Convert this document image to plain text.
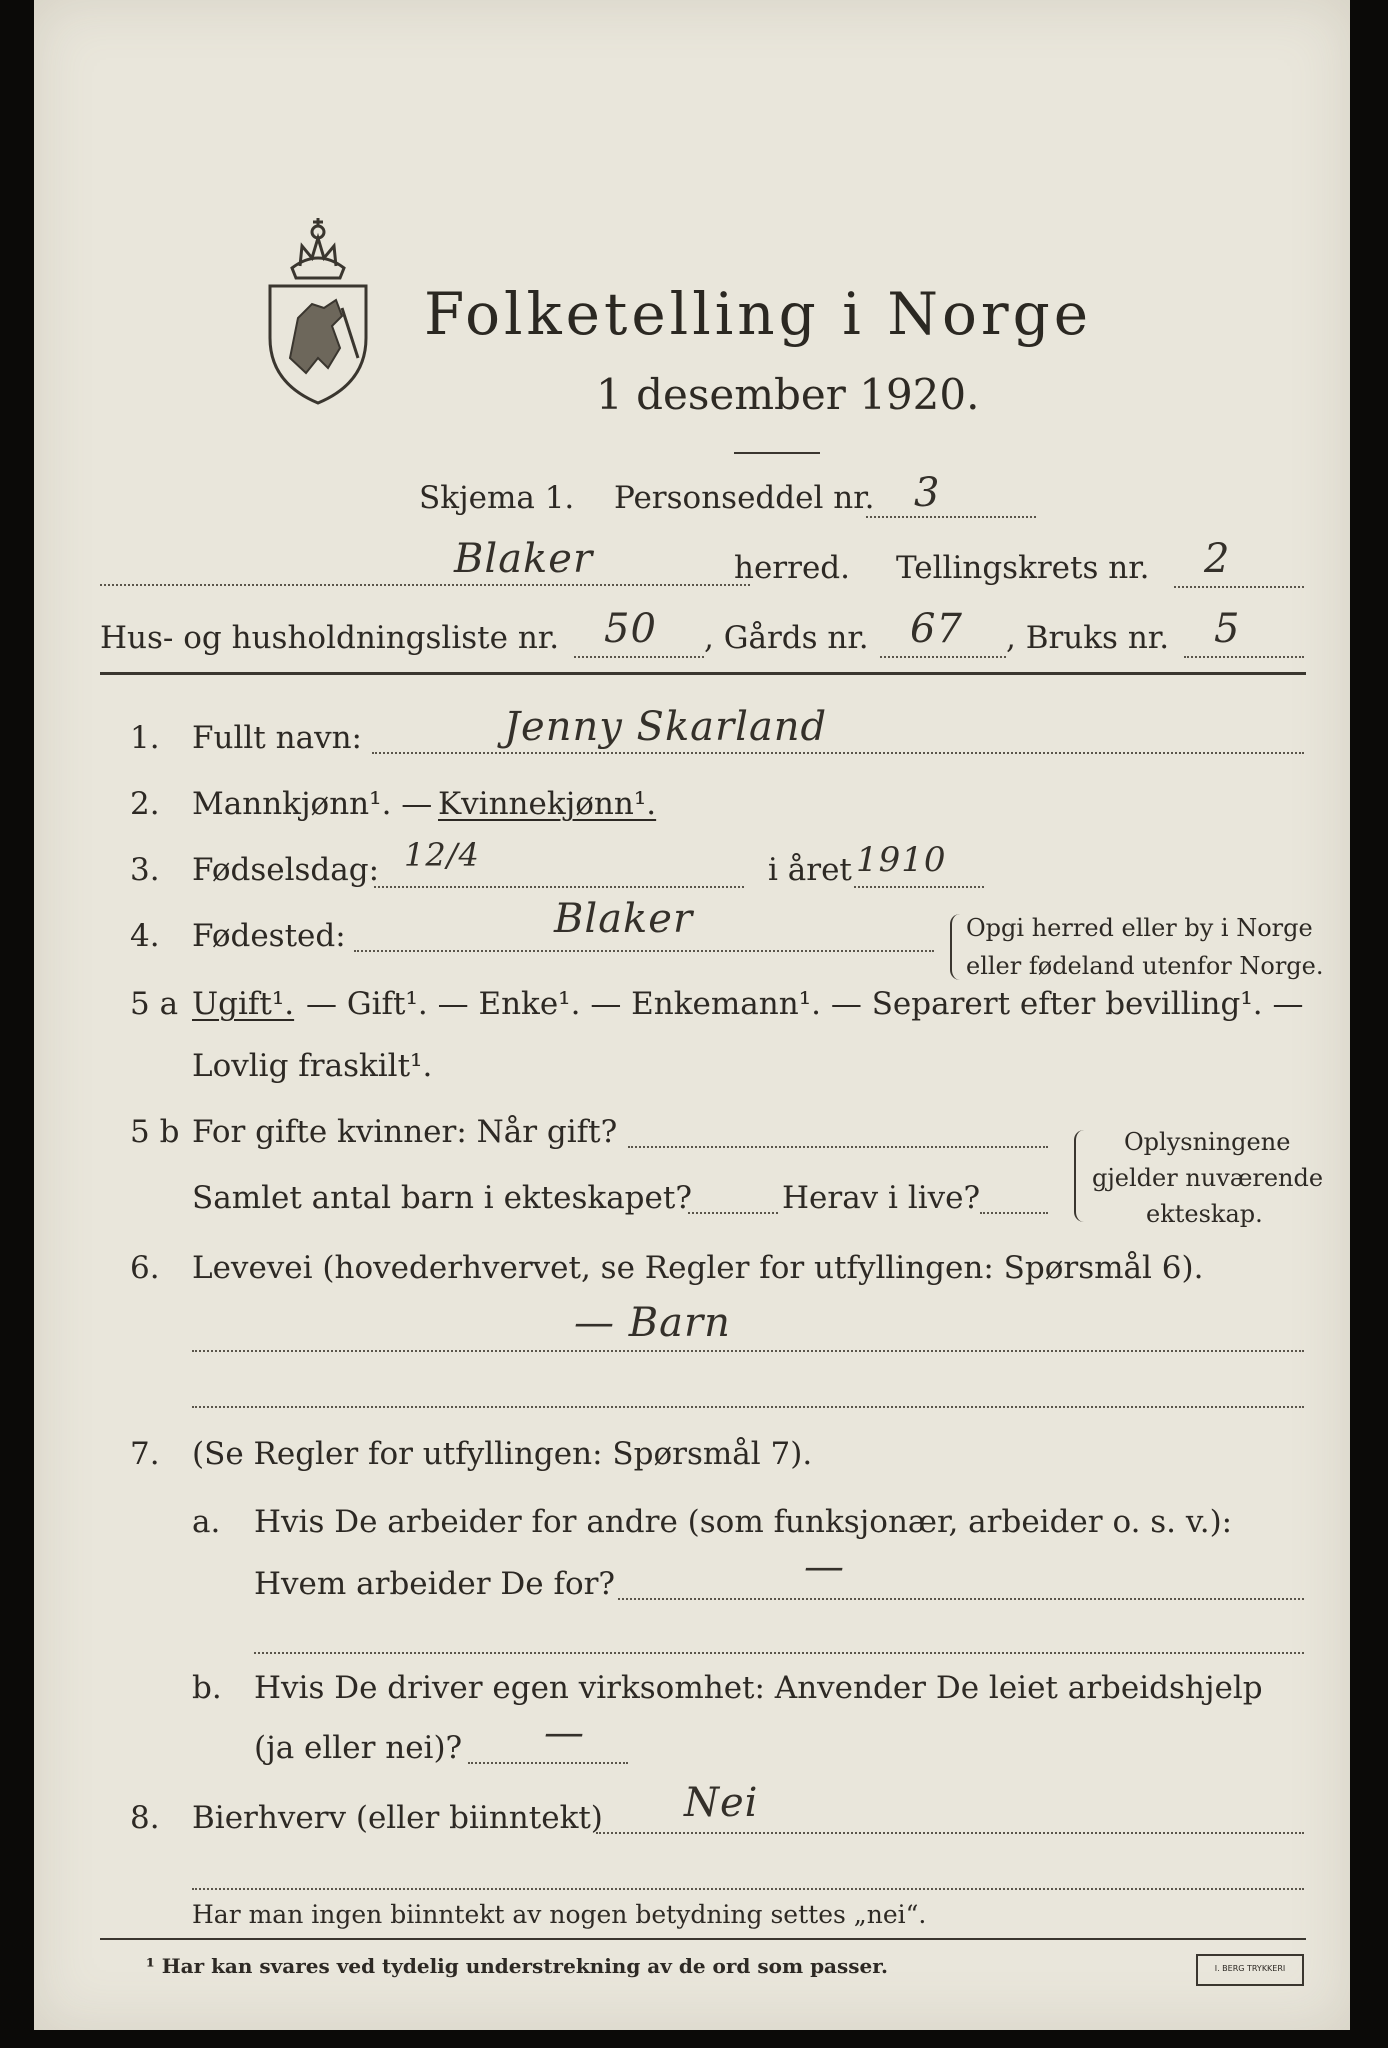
Folketelling i Norge
1 desember 1920.
Skjema 1. Personseddel nr. 3
Blaker	herred. Tellingskrets nr. 2
Hus- og husholdningsliste nr. 50 , Gårds nr. 67 , Bruks nr. 5
1. Fullt navn:	Jenny Skarland
2. Mannkjønn¹. — Kvinnekjønn¹.
3. Fødselsdag: 12/4	i året 1910
4. Fødested:	Blaker	Opgi herred eller by i Norge
eller fødeland utenfor Norge.
5 a Ugift¹. — Gift¹. — Enke¹. — Enkemann¹. — Separert efter bevilling¹. —
Lovlig fraskilt¹.
5 b For gifte kvinner: Når gift?
Samlet antal barn i ekteskapet?	Herav i live?
Oplysningene
gjelder nuværende
ekteskap.
6. Levevei (hovederhvervet, se Regler for utfyllingen: Spørsmål 6).
— Barn
7. (Se Regler for utfyllingen: Spørsmål 7).
a. Hvis De arbeider for andre (som funksjonær, arbeider o. s. v.):
Hvem arbeider De for?	—
b. Hvis De driver egen virksomhet: Anvender De leiet arbeidshjelp
(ja eller nei)? —
8. Bierhverv (eller biinntekt) Nei
Har man ingen biinntekt av nogen betydning settes „nei“.
¹ Har kan svares ved tydelig understrekning av de ord som passer.	I. BERG TRYKKERI
